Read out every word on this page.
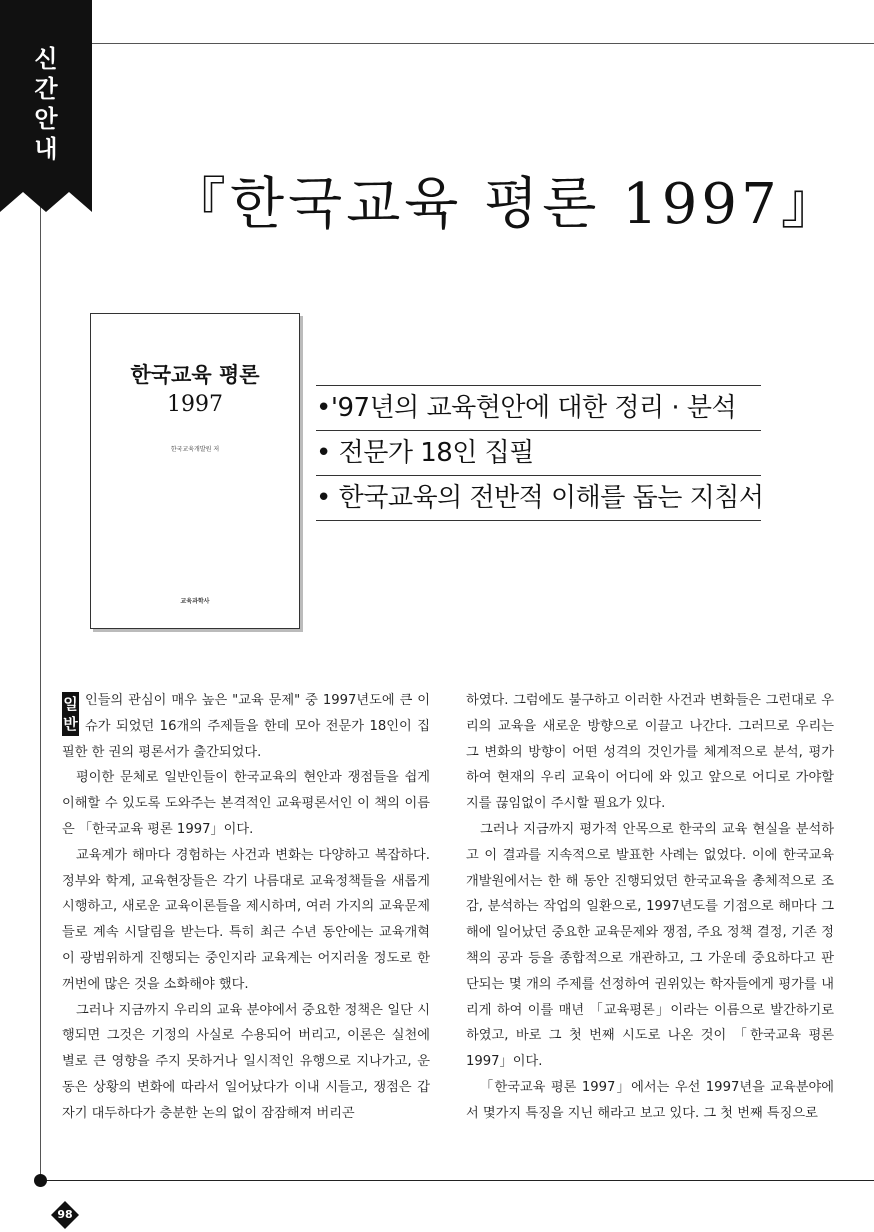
신간안내
『한국교육 평론 1997』
한국교육 평론
1997
한국교육개발원 저
교육과학사
•'97년의 교육현안에 대한 정리 · 분석
• 전문가 18인 집필
• 한국교육의 전반적 이해를 돕는 지침서

일반
인들의 관심이 매우 높은 "교육 문제" 중 1997년도에 큰 이슈가 되었던 16개의 주제들을 한데 모아 전문가 18인이 집필한 한 권의 평론서가 출간되었다.

평이한 문체로 일반인들이 한국교육의 현안과 쟁점들을 쉽게 이해할 수 있도록 도와주는 본격적인 교육평론서인 이 책의 이름은 「한국교육 평론 1997」이다.

교육계가 해마다 경험하는 사건과 변화는 다양하고 복잡하다. 정부와 학계, 교육현장들은 각기 나름대로 교육정책들을 새롭게 시행하고, 새로운 교육이론들을 제시하며, 여러 가지의 교육문제들로 계속 시달림을 받는다. 특히 최근 수년 동안에는 교육개혁이 광범위하게 진행되는 중인지라 교육계는 어지러울 정도로 한꺼번에 많은 것을 소화해야 했다.

그러나 지금까지 우리의 교육 분야에서 중요한 정책은 일단 시행되면 그것은 기정의 사실로 수용되어 버리고, 이론은 실천에 별로 큰 영향을 주지 못하거나 일시적인 유행으로 지나가고, 운동은 상황의 변화에 따라서 일어났다가 이내 시들고, 쟁점은 갑자기 대두하다가 충분한 논의 없이 잠잠해져 버리곤

하였다. 그럼에도 불구하고 이러한 사건과 변화들은 그런대로 우리의 교육을 새로운 방향으로 이끌고 나간다. 그러므로 우리는 그 변화의 방향이 어떤 성격의 것인가를 체계적으로 분석, 평가하여 현재의 우리 교육이 어디에 와 있고 앞으로 어디로 가야할지를 끊임없이 주시할 필요가 있다.

그러나 지금까지 평가적 안목으로 한국의 교육 현실을 분석하고 이 결과를 지속적으로 발표한 사례는 없었다. 이에 한국교육개발원에서는 한 해 동안 진행되었던 한국교육을 총체적으로 조감, 분석하는 작업의 일환으로, 1997년도를 기점으로 해마다 그 해에 일어났던 중요한 교육문제와 쟁점, 주요 정책 결정, 기존 정책의 공과 등을 종합적으로 개관하고, 그 가운데 중요하다고 판단되는 몇 개의 주제를 선정하여 권위있는 학자들에게 평가를 내리게 하여 이를 매년 「교육평론」이라는 이름으로 발간하기로 하였고, 바로 그 첫 번째 시도로 나온 것이 「한국교육 평론 1997」이다.

「한국교육 평론 1997」에서는 우선 1997년을 교육분야에서 몇가지 특징을 지닌 해라고 보고 있다. 그 첫 번째 특징으로

98
